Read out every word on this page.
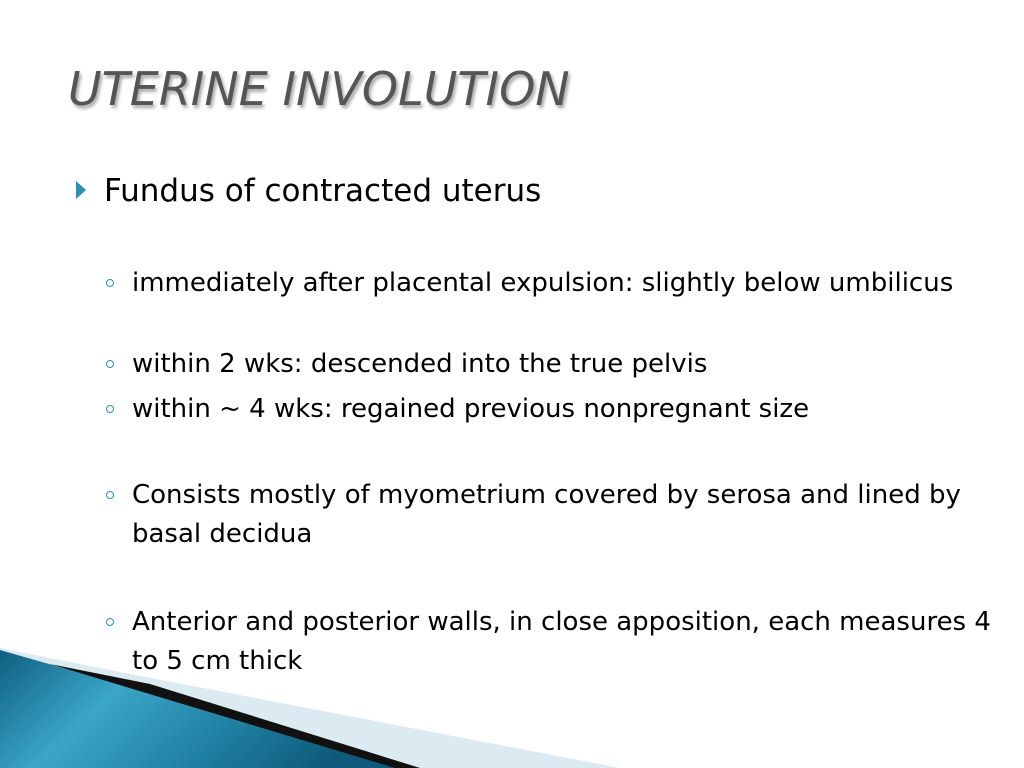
UTERINE INVOLUTION
Fundus of contracted uterus
immediately after placental expulsion: slightly below umbilicus
within 2 wks: descended into the true pelvis
within ~ 4 wks: regained previous nonpregnant size
Consists mostly of myometrium covered by serosa and lined by basal decidua
Anterior and posterior walls, in close apposition, each measures 4 to 5 cm thick
